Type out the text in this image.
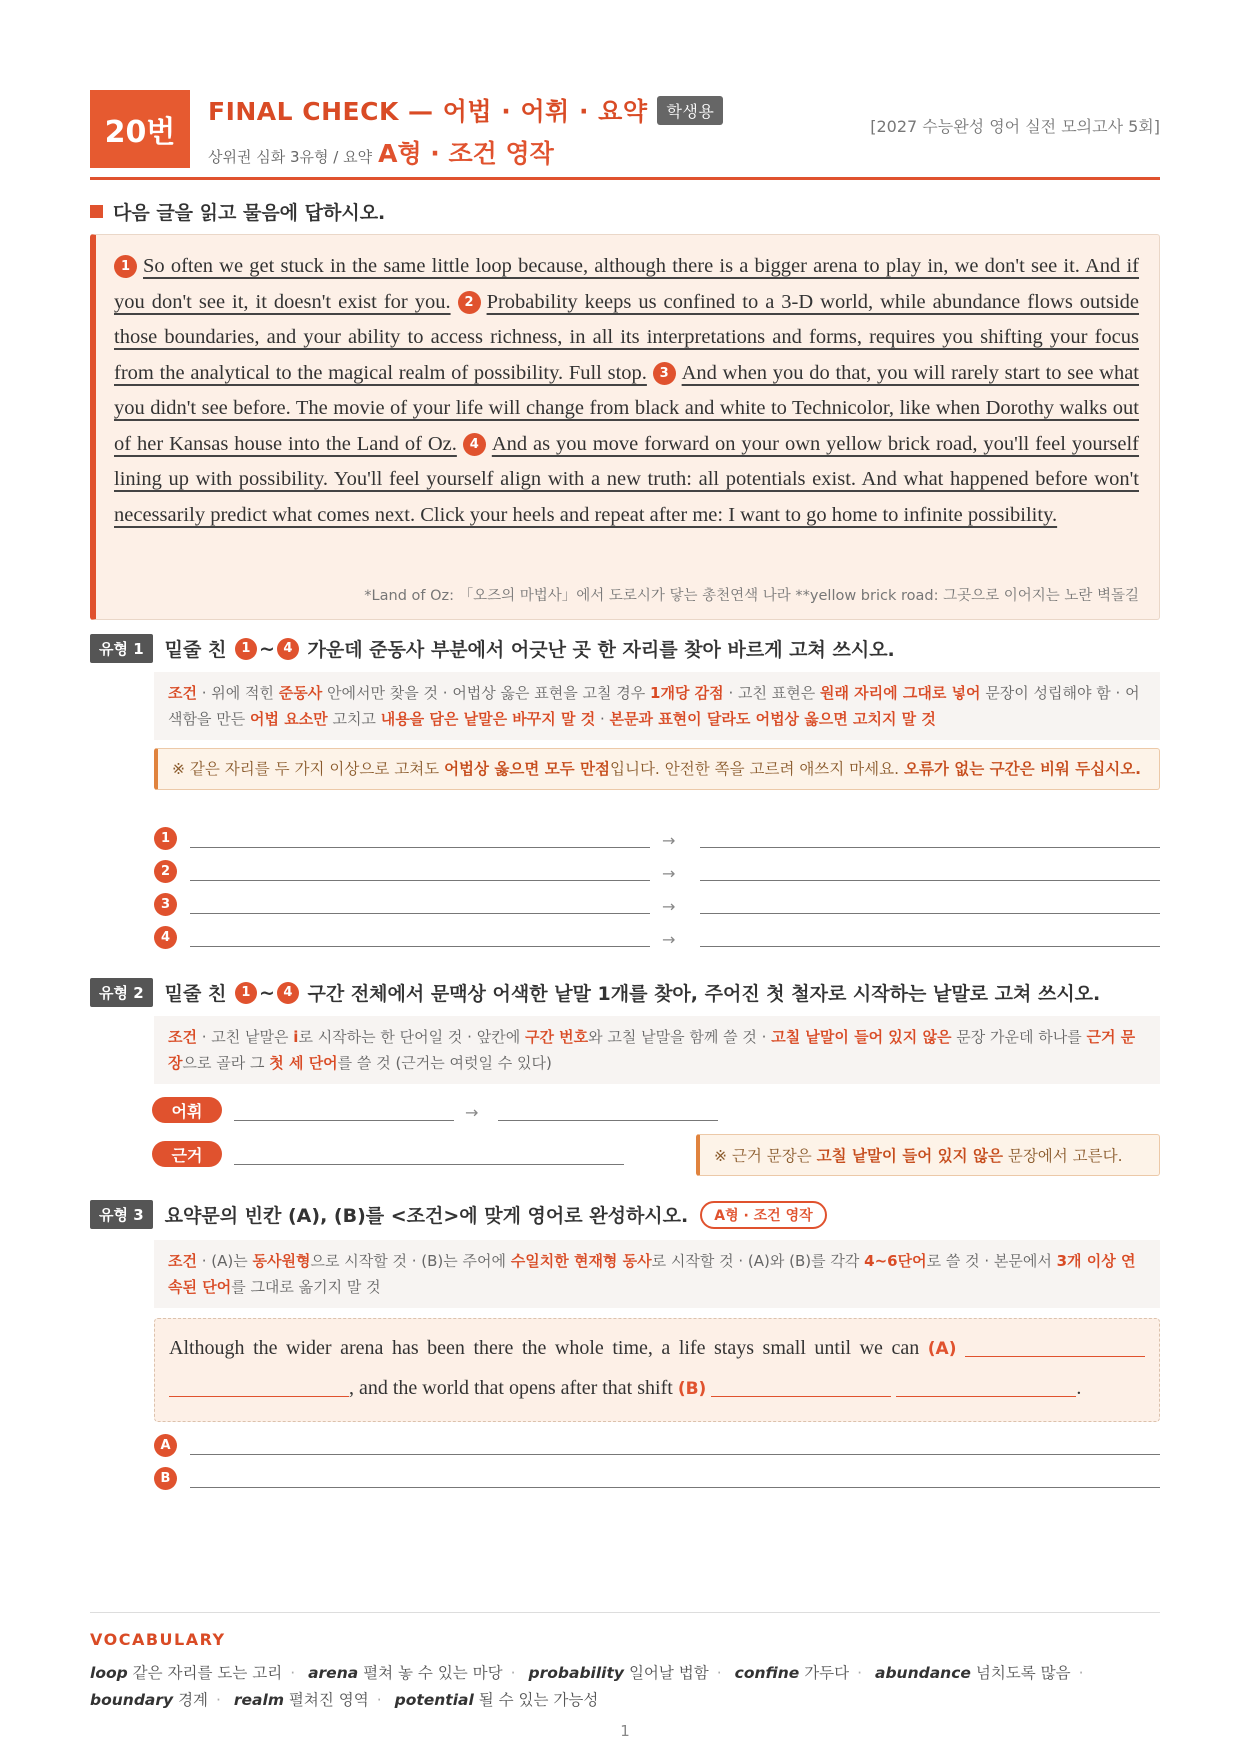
20번
FINAL CHECK — 어법 · 어휘 · 요약	학생용
상위권 심화 3유형 / 요약 A형 · 조건 영작
[2027 수능완성 영어 실전 모의고사 5회]
다음 글을 읽고 물음에 답하시오.
1 So often we get stuck in the same little loop because, although there is a bigger arena to play in, we don't see it. And if you don't see it, it doesn't exist for you. 2 Probability keeps us confined to a 3-D world, while abundance flows outside those boundaries, and your ability to access richness, in all its interpretations and forms, requires you shifting your focus from the analytical to the magical realm of possibility. Full stop. 3 And when you do that, you will rarely start to see what you didn't see before. The movie of your life will change from black and white to Technicolor, like when Dorothy walks out of her Kansas house into the Land of Oz. 4 And as you move forward on your own yellow brick road, you'll feel yourself lining up with possibility. You'll feel yourself align with a new truth: all potentials exist. And what happened before won't necessarily predict what comes next. Click your heels and repeat after me: I want to go home to infinite possibility.
*Land of Oz: 「오즈의 마법사」에서 도로시가 닿는 총천연색 나라 **yellow brick road: 그곳으로 이어지는 노란 벽돌길
유형 1	밑줄 친
	1 ~ 4
가운데 준동사 부분에서 어긋난 곳 한 자리를 찾아 바르게 고쳐 쓰시오.
조건 · 위에 적힌 준동사 안에서만 찾을 것 · 어법상 옳은 표현을 고칠 경우 1개당 감점 · 고친 표현은 원래 자리에 그대로 넣어 문장이 성립해야 함 · 어색함을 만든 어법 요소만 고치고 내용을 담은 낱말은 바꾸지 말 것 · 본문과 표현이 달라도 어법상 옳으면 고치지 말 것
※ 같은 자리를 두 가지 이상으로 고쳐도 어법상 옳으면 모두 만점입니다. 안전한 쪽을 고르려 애쓰지 마세요. 오류가 없는 구간은 비워 두십시오.
1	→
2	→
3	→
4	→
유형 2	밑줄 친
	1 ~ 4
구간 전체에서 문맥상 어색한 낱말 1개를 찾아, 주어진 첫 철자로 시작하는 낱말로 고쳐 쓰시오.
조건 · 고친 낱말은 i로 시작하는 한 단어일 것 · 앞칸에 구간 번호와 고칠 낱말을 함께 쓸 것 · 고칠 낱말이 들어 있지 않은 문장 가운데 하나를 근거 문장으로 골라 그 첫 세 단어를 쓸 것 (근거는 여럿일 수 있다)
어휘	→
근거	※ 근거 문장은 고칠 낱말이 들어 있지 않은 문장에서 고른다.
유형 3	요약문의 빈칸 (A), (B)를 <조건>에 맞게 영어로 완성하시오.	A형 · 조건 영작
조건 · (A)는 동사원형으로 시작할 것 · (B)는 주어에 수일치한 현재형 동사로 시작할 것 · (A)와 (B)를 각각 4~6단어로 쓸 것 · 본문에서 3개 이상 연속된 단어를 그대로 옮기지 말 것
Although the wider arena has been there the whole time, a life stays small until we can (A)  , and the world that opens after that shift (B)	.
A
B
VOCABULARY
loop 같은 자리를 도는 고리 · arena 펼쳐 놓 수 있는 마당 · probability 일어날 법함 · confine 가두다 · abundance 넘치도록 많음 · boundary 경계 · realm 펼쳐진 영역 · potential 될 수 있는 가능성
1
